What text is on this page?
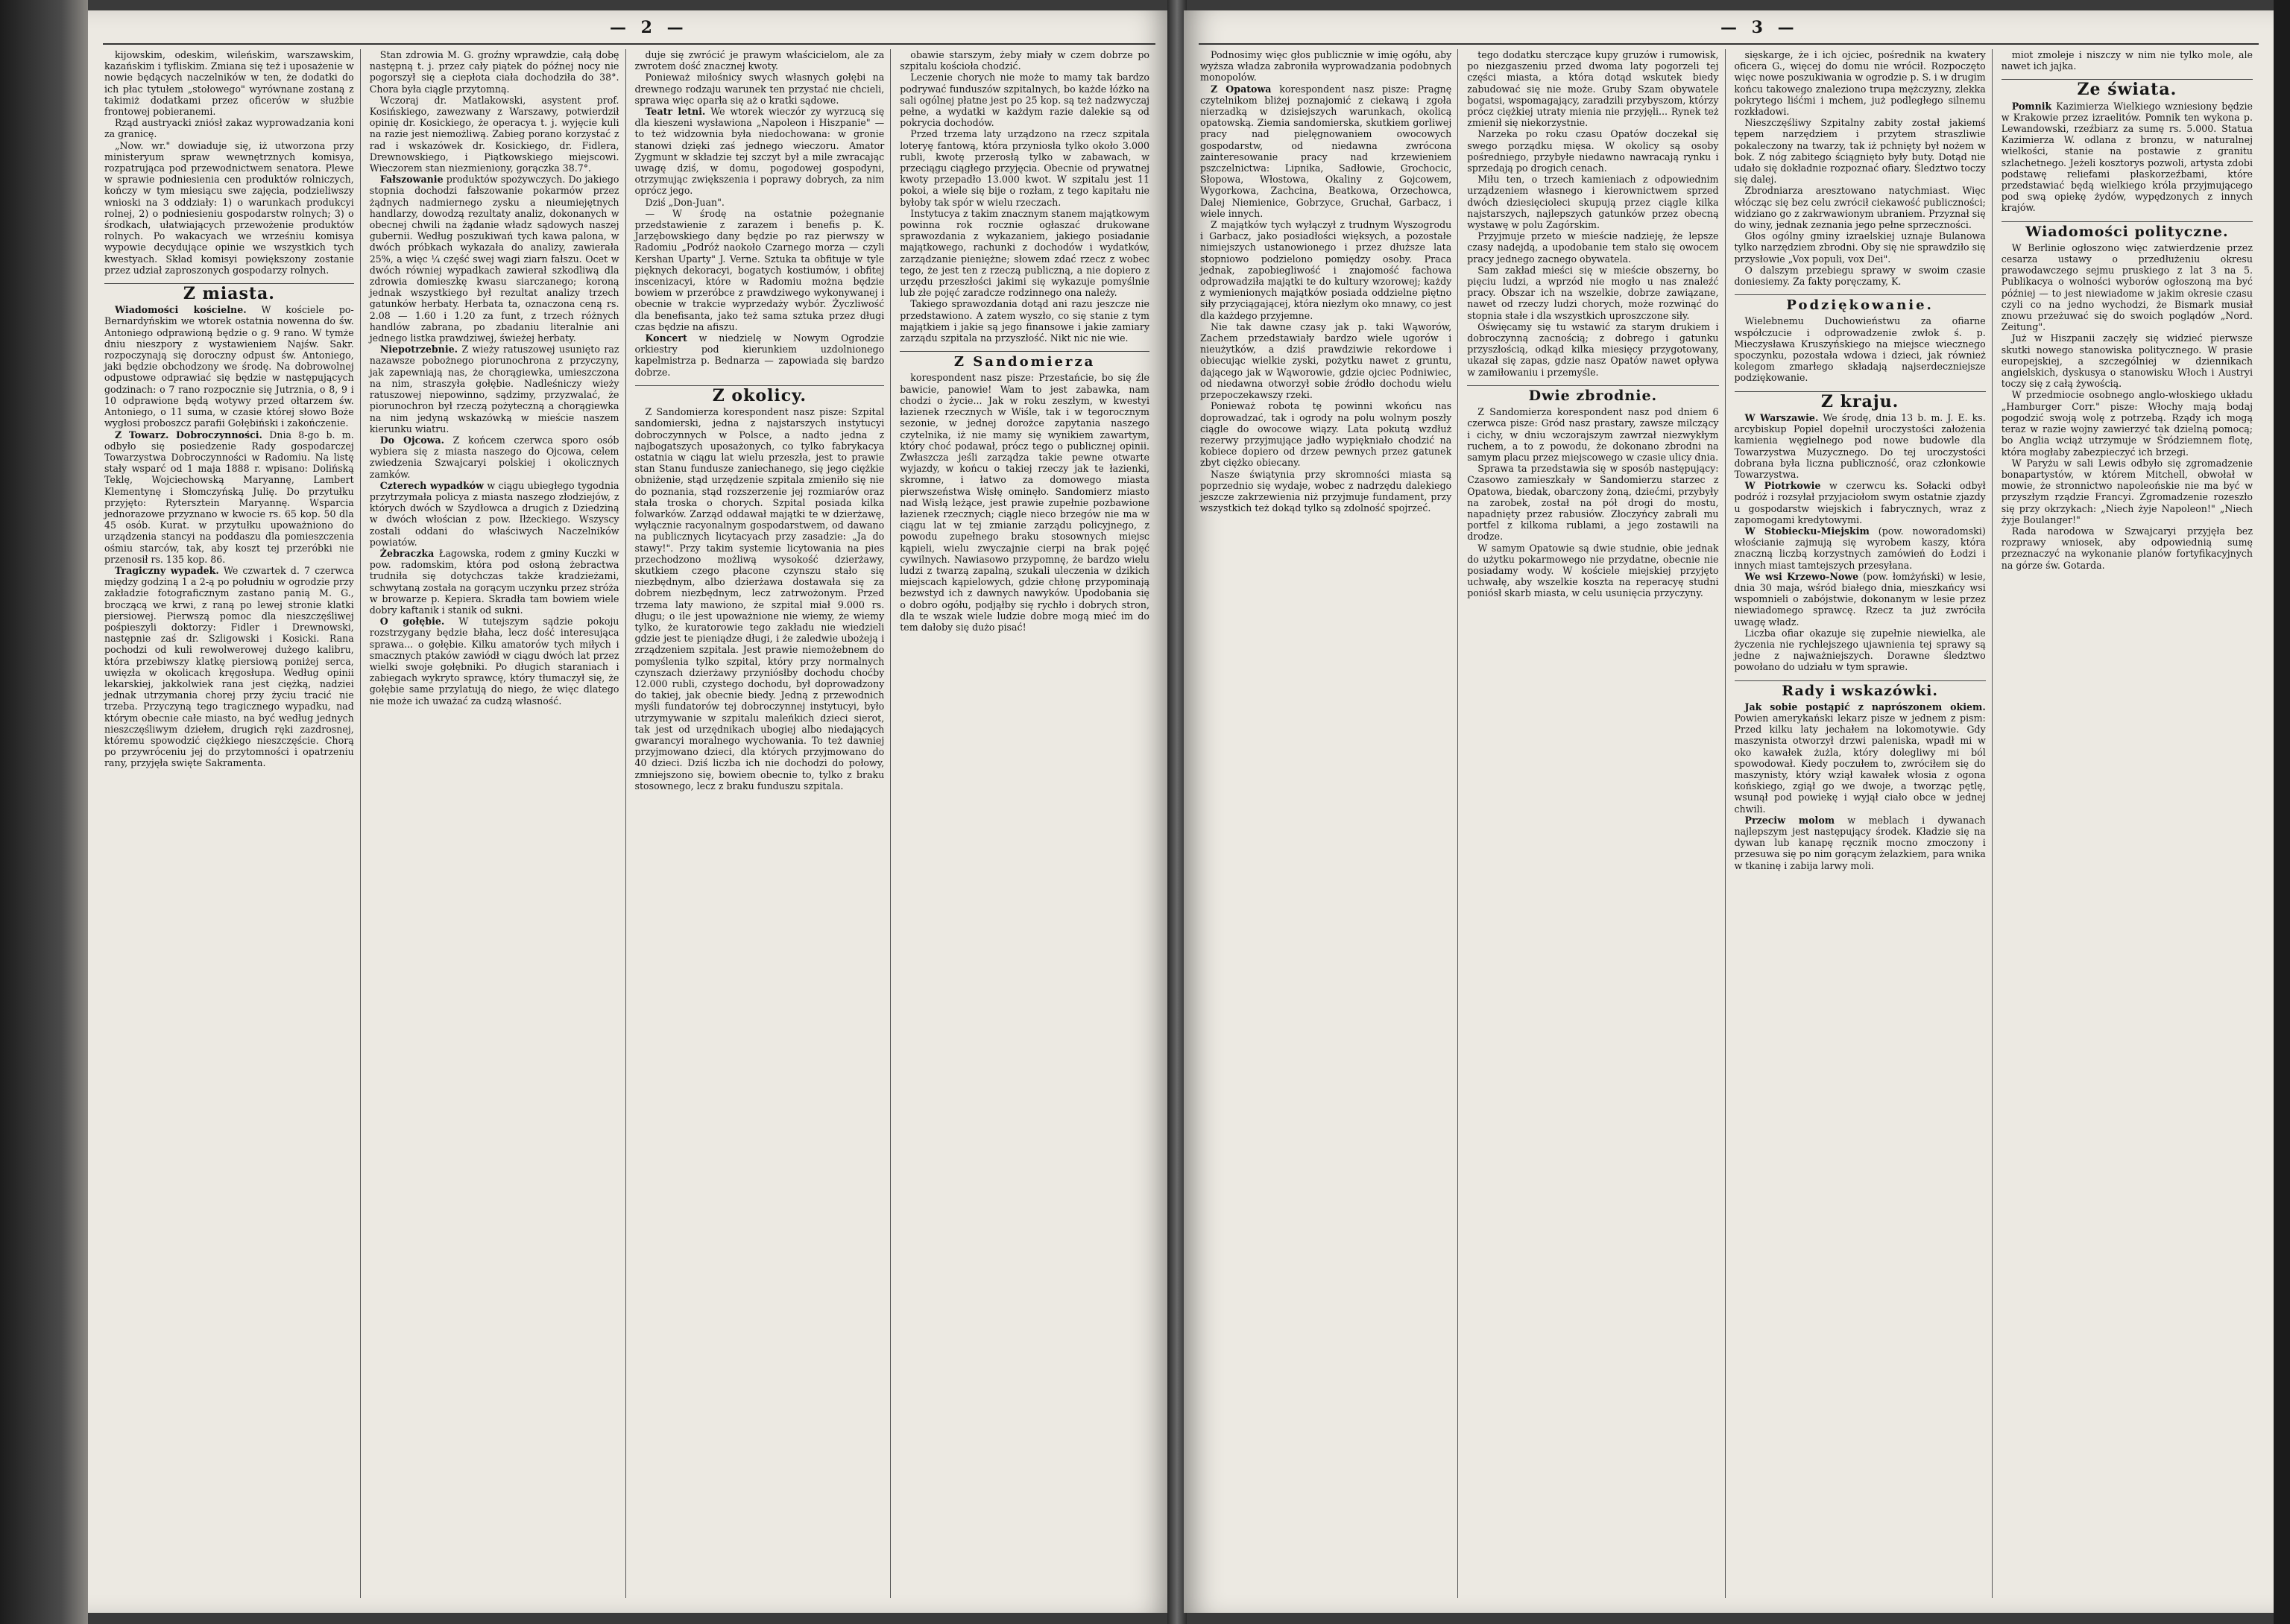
— 2 —

kijowskim, odeskim, wileńskim, warszawskim, kazańskim i tyfliskim. Zmiana się też i uposażenie w nowie będących naczelników w ten, że dodatki do ich płac tytułem „stołowego" wyrównane zostaną z takimiż dodatkami przez oficerów w służbie frontowej pobieranemi.

Rząd austryacki zniósł zakaz wyprowadzania koni za granicę.

„Now. wr." dowiaduje się, iż utworzona przy ministeryum spraw wewnętrznych komisya, rozpatrująca pod przewodnictwem senatora. Plewe w sprawie podniesienia cen produktów rolniczych, kończy w tym miesiącu swe zajęcia, podzieliwszy wnioski na 3 oddziały: 1) o warunkach produkcyi rolnej, 2) o podniesieniu gospodarstw rolnych; 3) o środkach, ułatwiających przewożenie produktów rolnych. Po wakacyach we wrześniu komisya wypowie decydujące opinie we wszystkich tych kwestyach. Skład komisyi powiększony zostanie przez udział zaproszonych gospodarzy rolnych.

Z miasta.

Wiadomości kościelne. W kościele po-Bernardyńskim we wtorek ostatnia nowenna do św. Antoniego odprawioną będzie o g. 9 rano. W tymże dniu nieszpory z wystawieniem Najśw. Sakr. rozpoczynają się doroczny odpust św. Antoniego, jaki będzie obchodzony we środę. Na dobrowolnej odpustowe odprawiać się będzie w następujących godzinach: o 7 rano rozpocznie się Jutrznia, o 8, 9 i 10 odprawione będą wotywy przed ołtarzem św. Antoniego, o 11 suma, w czasie której słowo Boże wygłosi proboszcz parafii Gołębiński i zakończenie.

Z Towarz. Dobroczynności. Dnia 8-go b. m. odbyło się posiedzenie Rady gospodarczej Towarzystwa Dobroczynności w Radomiu. Na listę stały wsparć od 1 maja 1888 r. wpisano: Dolińską Teklę, Wojciechowską Maryannę, Lambert Klementynę i Słomczyńską Julię. Do przytułku przyjęto: Rytersztein Maryannę. Wsparcia jednorazowe przyznano w kwocie rs. 65 kop. 50 dla 45 osób. Kurat. w przytułku upoważniono do urządzenia stancyi na poddaszu dla pomieszczenia ośmiu starców, tak, aby koszt tej przeróbki nie przenosił rs. 135 kop. 86.

Tragiczny wypadek. We czwartek d. 7 czerwca między godziną 1 a 2-ą po południu w ogrodzie przy zakładzie fotograficznym zastano panią M. G., broczącą we krwi, z raną po lewej stronie klatki piersiowej. Pierwszą pomoc dla nieszczęśliwej pośpieszyli doktorzy: Fidler i Drewnowski, następnie zaś dr. Szligowski i Kosicki. Rana pochodzi od kuli rewolwerowej dużego kalibru, która przebiwszy klatkę piersiową poniżej serca, uwięzła w okolicach kręgosłupa. Według opinii lekarskiej, jakkolwiek rana jest ciężką, nadziei jednak utrzymania chorej przy życiu tracić nie trzeba. Przyczyną tego tragicznego wypadku, nad którym obecnie całe miasto, na być według jednych nieszczęśliwym dziełem, drugich ręki zazdrosnej, któremu spowodzić ciężkiego nieszczęście. Chorą po przywróceniu jej do przytomności i opatrzeniu rany, przyjęła swięte Sakramenta.

Stan zdrowia M. G. groźny wprawdzie, całą dobę następną t. j. przez cały piątek do późnej nocy nie pogorszył się a ciepłota ciała dochodziła do 38°. Chora była ciągle przytomną.

Wczoraj dr. Matlakowski, asystent prof. Kosińskiego, zawezwany z Warszawy, potwierdził opinię dr. Kosickiego, że operacya t. j. wyjęcie kuli na razie jest niemożliwą. Zabieg porano korzystać z rad i wskazówek dr. Kosickiego, dr. Fidlera, Drewnowskiego, i Piątkowskiego miejscowi. Wieczorem stan niezmieniony, gorączka 38.7°.

Fałszowanie produktów spożywczych. Do jakiego stopnia dochodzi fałszowanie pokarmów przez żądnych nadmiernego zysku a nieumiejętnych handlarzy, dowodzą rezultaty analiz, dokonanych w obecnej chwili na żądanie władz sądowych naszej gubernii. Według poszukiwań tych kawa palona, w dwóch próbkach wykazała do analizy, zawierała 25%, a więc ¼ część swej wagi ziarn fałszu. Ocet w dwóch równiej wypadkach zawierał szkodliwą dla zdrowia domieszkę kwasu siarczanego; koroną jednak wszystkiego był rezultat analizy trzech gatunków herbaty. Herbata ta, oznaczona ceną rs. 2.08 — 1.60 i 1.20 za funt, z trzech różnych handlów zabrana, po zbadaniu literalnie ani jednego listka prawdziwej, świeżej herbaty.

Niepotrzebnie. Z wieży ratuszowej usunięto raz nazawsze pobożnego piorunochrona z przyczyny, jak zapewniają nas, że chorągiewka, umieszczona na nim, straszyła gołębie. Nadleśniczy wieży ratuszowej niepowinno, sądzimy, przyzwalać, że piorunochron był rzeczą pożyteczną a chorągiewka na nim jedyną wskazówką w mieście naszem kierunku wiatru.

Do Ojcowa. Z końcem czerwca sporo osób wybiera się z miasta naszego do Ojcowa, celem zwiedzenia Szwajcaryi polskiej i okolicznych zamków.

Czterech wypadków w ciągu ubiegłego tygodnia przytrzymała policya z miasta naszego złodziejów, z których dwóch w Szydłowca a drugich z Dziedziną w dwóch włościan z pow. Iłżeckiego. Wszyscy zostali oddani do właściwych Naczelników powiatów.

Żebraczka Łagowska, rodem z gminy Kuczki w pow. radomskim, która pod osłoną żebractwa trudniła się dotychczas także kradzieżami, schwytaną została na gorącym uczynku przez stróża w browarze p. Kepiera. Skradła tam bowiem wiele dobry kaftanik i stanik od sukni.

O gołębie. W tutejszym sądzie pokoju rozstrzygany będzie błaha, lecz dość interesująca sprawa... o gołębie. Kilku amatorów tych miłych i smacznych ptaków zawiódł w ciągu dwóch lat przez wielki swoje gołębniki. Po długich staraniach i zabiegach wykryto sprawcę, który tłumaczył się, że gołębie same przylatują do niego, że więc dlatego nie może ich uważać za cudzą własność.

duje się zwrócić je prawym właścicielom, ale za zwrotem dość znacznej kwoty.

Ponieważ miłośnicy swych własnych gołębi na drewnego rodzaju warunek ten przystać nie chcieli, sprawa więc oparła się aż o kratki sądowe.

Teatr letni. We wtorek wieczór zy wyrzucą się dla kieszeni wysławiona „Napoleon i Hiszpanie" — to też widzownia była niedochowana: w gronie stanowi dzięki zaś jednego wieczoru. Amator Zygmunt w składzie tej szczyt był a mile zwracając uwagę dziś, w domu, pogodowej gospodyni, otrzymując zwiększenia i poprawy dobrych, za nim oprócz jego.

Dziś „Don-Juan".

— W środę na ostatnie pożegnanie przedstawienie z zarazem i benefis p. K. Jarzębowskiego dany będzie po raz pierwszy w Radomiu „Podróż naokoło Czarnego morza — czyli Kershan Uparty" J. Verne. Sztuka ta obfituje w tyle pięknych dekoracyi, bogatych kostiumów, i obfitej inscenizacyi, które w Radomiu można będzie bowiem w przeróbce z prawdziwego wykonywanej i obecnie w trakcie wyprzedaży wybór. Życzliwość dla benefisanta, jako też sama sztuka przez długi czas będzie na afiszu.

Koncert w niedzielę w Nowym Ogrodzie orkiestry pod kierunkiem uzdolnionego kapelmistrza p. Bednarza — zapowiada się bardzo dobrze.

Z okolicy.

Z Sandomierza korespondent nasz pisze: Szpital sandomierski, jedna z najstarszych instytucyi dobroczynnych w Polsce, a nadto jedna z najbogatszych uposażonych, co tylko fabrykacya ostatnia w ciągu lat wielu przeszła, jest to prawie stan Stanu fundusze zaniechanego, się jego ciężkie obniżenie, stąd urzędzenie szpitala zmieniło się nie do poznania, stąd rozszerzenie jej rozmiarów oraz stała troska o chorych. Szpital posiada kilka folwarków. Zarząd oddawał majątki te w dzierżawę, wyłącznie racyonalnym gospodarstwem, od dawano na publicznych licytacyach przy zasadzie: „Ja do stawy!". Przy takim systemie licytowania na pies przechodzono możliwą wysokość dzierżawy, skutkiem czego płacone czynszu stało się niezbędnym, albo dzierżawa dostawała się za dobrem niezbędnym, lecz zatrwożonym. Przed trzema laty mawiono, że szpital miał 9.000 rs. długu; o ile jest upoważnione nie wiemy, że wiemy tylko, że kuratorowie tego zakładu nie wiedzieli gdzie jest te pieniądze długi, i że zaledwie ubożeją i zrządzeniem szpitala. Jest prawie niemożebnem do pomyślenia tylko szpital, który przy normalnych czynszach dzierżawy przyniósłby dochodu choćby 12.000 rubli, czystego dochodu, był doprowadzony do takiej, jak obecnie biedy. Jedną z przewodnich myśli fundatorów tej dobroczynnej instytucyi, było utrzymywanie w szpitalu maleńkich dzieci sierot, tak jest od urzędnikach ubogiej albo niedających gwarancyi moralnego wychowania. To też dawniej przyjmowano dzieci, dla których przyjmowano do 40 dzieci. Dziś liczba ich nie dochodzi do połowy, zmniejszono się, bowiem obecnie to, tylko z braku stosownego, lecz z braku funduszu szpitala.

obawie starszym, żeby miały w czem dobrze po szpitalu kościoła chodzić.

Leczenie chorych nie może to mamy tak bardzo podrywać funduszów szpitalnych, bo każde łóżko na sali ogólnej płatne jest po 25 kop. są też nadzwyczaj pełne, a wydatki w każdym razie dalekie są od pokrycia dochodów.

Przed trzema laty urządzono na rzecz szpitala loteryę fantową, która przyniosła tylko około 3.000 rubli, kwotę przerosłą tylko w zabawach, w przeciągu ciągłego przyjęcia. Obecnie od prywatnej kwoty przepadło 13.000 kwot. W szpitalu jest 11 pokoi, a wiele się bije o rozłam, z tego kapitału nie byłoby tak spór w wielu rzeczach.

Instytucya z takim znacznym stanem majątkowym powinna rok rocznie ogłaszać drukowane sprawozdania z wykazaniem, jakiego posiadanie majątkowego, rachunki z dochodów i wydatków, zarządzanie pieniężne; słowem zdać rzecz z wobec tego, że jest ten z rzeczą publiczną, a nie dopiero z urzędu przeszłości jakimi się wykazuje pomyślnie lub złe pojęć zaradcze rodzinnego ona należy.

Takiego sprawozdania dotąd ani razu jeszcze nie przedstawiono. A zatem wyszło, co się stanie z tym majątkiem i jakie są jego finansowe i jakie zamiary zarządu szpitala na przyszłość. Nikt nic nie wie.

Z Sandomierza

korespondent nasz pisze: Przestańcie, bo się źle bawicie, panowie! Wam to jest zabawka, nam chodzi o życie... Jak w roku zeszłym, w kwestyi łazienek rzecznych w Wiśle, tak i w tegorocznym sezonie, w jednej dorożce zapytania naszego czytelnika, iż nie mamy się wynikiem zawartym, który choć podawał, prócz tego o publicznej opinii. Zwłaszcza jeśli zarządza takie pewne otwarte wyjazdy, w końcu o takiej rzeczy jak te łazienki, skromne, i łatwo za domowego miasta pierwszeństwa Wisłę ominęło. Sandomierz miasto nad Wisłą leżące, jest prawie zupełnie pozbawione łazienek rzecznych; ciągle nieco brzegów nie ma w ciągu lat w tej zmianie zarządu policyjnego, z powodu zupełnego braku stosownych miejsc kąpieli, wielu zwyczajnie cierpi na brak pojęć cywilnych. Nawiasowo przypomnę, że bardzo wielu ludzi z twarzą zapalną, szukali uleczenia w dzikich miejscach kąpielowych, gdzie chłonę przypominają bezwstyd ich z dawnych nawyków. Upodobania się o dobro ogółu, podjąłby się rychło i dobrych stron, dla te wszak wiele ludzie dobre mogą mieć im do tem dałoby się dużo pisać!

— 3 —

Podnosimy więc głos publicznie w imię ogółu, aby wyższa władza zabroniła wyprowadzania podobnych monopolów.

Z Opatowa korespondent nasz pisze: Pragnę czytelnikom bliżej poznajomić z ciekawą i zgoła nierzadką w dzisiejszych warunkach, okolicą opatowską. Ziemia sandomierska, skutkiem gorliwej pracy nad pielęgnowaniem owocowych gospodarstw, od niedawna zwrócona zainteresowanie pracy nad krzewieniem pszczelnictwa: Lipnika, Sadłowie, Grochocic, Słopowa, Włostowa, Okaliny z Gojcowem, Wygorkowa, Zachcina, Beatkowa, Orzechowca, Dalej Niemienice, Gobrzyce, Gruchał, Garbacz, i wiele innych.

Z majątków tych wyłączył z trudnym Wyszogrodu i Garbacz, jako posiadłości więksych, a pozostałe nimiejszych ustanowionego i przez dłuższe lata stopniowo podzielono pomiędzy osoby. Praca jednak, zapobiegliwość i znajomość fachowa odprowadziła majątki te do kultury wzorowej; każdy z wymienionych majątków posiada oddzielne piętno siły przyciągającej, która niezłym oko mnawy, co jest dla każdego przyjemne.

Nie tak dawne czasy jak p. taki Wąworów, Zachem przedstawiały bardzo wiele ugorów i nieużytków, a dziś prawdziwie rekordowe i obiecując wielkie zyski, pożytku nawet z gruntu, dającego jak w Wąworowie, gdzie ojciec Podniwiec, od niedawna otworzył sobie źródło dochodu wielu przepoczekawszy rzeki.

Ponieważ robota tę powinni wkońcu nas doprowadzać, tak i ogrody na polu wolnym poszły ciągle do owocowe wiązy. Lata pokutą wzdłuż rezerwy przyjmujące jadło wypiękniało chodzić na kobiece dopiero od drzew pewnych przez gatunek zbyt ciężko obiecany.

Nasze świątynia przy skromności miasta są poprzednio się wydaje, wobec z nadrzędu dalekiego jeszcze zakrzewienia niż przyjmuje fundament, przy wszystkich też dokąd tylko są zdolność spojrzeć.

tego dodatku sterczące kupy gruzów i rumowisk, po niezgaszeniu przed dwoma laty pogorzeli tej części miasta, a która dotąd wskutek biedy zabudować się nie może. Gruby Szam obywatele bogatsi, wspomagający, zaradzili przybyszom, którzy prócz ciężkiej utraty mienia nie przyjęli... Rynek też zmienił się niekorzystnie.

Narzeka po roku czasu Opatów doczekał się swego porządku mięsa. W okolicy są osoby pośredniego, przybyłe niedawno nawracają rynku i sprzedają po drogich cenach.

Miłu ten, o trzech kamieniach z odpowiednim urządzeniem własnego i kierownictwem sprzed dwóch dziesięcioleci skupują przez ciągle kilka najstarszych, najlepszych gatunków przez obecną wystawę w polu Zagórskim.

Przyjmuje przeto w mieście nadzieję, że lepsze czasy nadejdą, a upodobanie tem stało się owocem pracy jednego zacnego obywatela.

Sam zakład mieści się w mieście obszerny, bo pięciu ludzi, a wprzód nie mogło u nas znaleźć pracy. Obszar ich na wszelkie, dobrze zawiązane, nawet od rzeczy ludzi chorych, może rozwinąć do stopnia stałe i dla wszystkich uproszczone siły.

Oświęcamy się tu wstawić za starym drukiem i dobroczynną zacnością; z dobrego i gatunku przyszłością, odkąd kilka miesięcy przygotowany, ukazał się zapas, gdzie nasz Opatów nawet opływa w zamiłowaniu i przemyśle.

Dwie zbrodnie.

Z Sandomierza korespondent nasz pod dniem 6 czerwca pisze: Gród nasz prastary, zawsze milczący i cichy, w dniu wczorajszym zawrzał niezwykłym ruchem, a to z powodu, że dokonano zbrodni na samym placu przez miejscowego w czasie ulicy dnia.

Sprawa ta przedstawia się w sposób następujący: Czasowo zamieszkały w Sandomierzu starzec z Opatowa, biedak, obarczony żoną, dziećmi, przybyły na zarobek, został na pół drogi do mostu, napadnięty przez rabusiów. Złoczyńcy zabrali mu portfel z kilkoma rublami, a jego zostawili na drodze.

W samym Opatowie są dwie studnie, obie jednak do użytku pokarmowego nie przydatne, obecnie nie posiadamy wody. W kościele miejskiej przyjęto uchwałę, aby wszelkie koszta na reperacyę studni poniósł skarb miasta, w celu usunięcia przyczyny.

sięskarge, że i ich ojciec, pośrednik na kwatery oficera G., więcej do domu nie wrócił. Rozpoczęto więc nowe poszukiwania w ogrodzie p. S. i w drugim końcu takowego znaleziono trupa mężczyzny, zlekka pokrytego liśćmi i mchem, już podległego silnemu rozkładowi.

Nieszczęśliwy Szpitalny zabity został jakiemś tępem narzędziem i przytem straszliwie pokaleczony na twarzy, tak iż pchnięty był nożem w bok. Z nóg zabitego ściągnięto były buty. Dotąd nie udało się dokładnie rozpoznać ofiary. Śledztwo toczy się dalej.

Zbrodniarza aresztowano natychmiast. Więc włócząc się bez celu zwrócił ciekawość publiczności; widziano go z zakrwawionym ubraniem. Przyznał się do winy, jednak zeznania jego pełne sprzeczności.

Głos ogólny gminy izraelskiej uznaje Bulanowa tylko narzędziem zbrodni. Oby się nie sprawdziło się przysłowie „Vox populi, vox Dei".

O dalszym przebiegu sprawy w swoim czasie doniesiemy. Za fakty poręczamy, K.

Podziękowanie.

Wielebnemu Duchowieństwu za ofiarne współczucie i odprowadzenie zwłok ś. p. Mieczysława Kruszyńskiego na miejsce wiecznego spoczynku, pozostała wdowa i dzieci, jak również kolegom zmarłego składają najserdeczniejsze podziękowanie.

Z kraju.

W Warszawie. We środę, dnia 13 b. m. J. E. ks. arcybiskup Popiel dopełnił uroczystości założenia kamienia węgielnego pod nowe budowle dla Towarzystwa Muzycznego. Do tej uroczystości dobrana była liczna publiczność, oraz członkowie Towarzystwa.

W Piotrkowie w czerwcu ks. Sołacki odbył podróż i rozsyłał przyjaciołom swym ostatnie zjazdy u gospodarstw wiejskich i fabrycznych, wraz z zapomogami kredytowymi.

W Stobiecku-Miejskim (pow. noworadomski) włościanie zajmują się wyrobem kaszy, która znaczną liczbą korzystnych zamówień do Łodzi i innych miast tamtejszych przesyłana.

We wsi Krzewo-Nowe (pow. łomżyński) w lesie, dnia 30 maja, wśród białego dnia, mieszkańcy wsi wspomnieli o zabójstwie, dokonanym w lesie przez niewiadomego sprawcę. Rzecz ta już zwróciła uwagę władz.

Liczba ofiar okazuje się zupełnie niewielka, ale życzenia nie rychlejszego ujawnienia tej sprawy są jedne z najważniejszych. Dorawne śledztwo powołano do udziału w tym sprawie.

Rady i wskazówki.

Jak sobie postąpić z naprószonem okiem. Powien amerykański lekarz pisze w jednem z pism: Przed kilku laty jechałem na lokomotywie. Gdy maszynista otworzył drzwi paleniska, wpadł mi w oko kawałek żużla, który dolegliwy mi ból spowodował. Kiedy poczułem to, zwróciłem się do maszynisty, który wziął kawałek włosia z ogona końskiego, zgiął go we dwoje, a tworząc pętlę, wsunął pod powiekę i wyjął ciało obce w jednej chwili.

Przeciw molom w meblach i dywanach najlepszym jest następujący środek. Kładzie się na dywan lub kanapę ręcznik mocno zmoczony i przesuwa się po nim gorącym żelazkiem, para wnika w tkaninę i zabija larwy moli.

miot zmoleje i niszczy w nim nie tylko mole, ale nawet ich jajka.

Ze świata.

Pomnik Kazimierza Wielkiego wzniesiony będzie w Krakowie przez izraelitów. Pomnik ten wykona p. Lewandowski, rzeźbiarz za sumę rs. 5.000. Statua Kazimierza W. odlana z bronzu, w naturalnej wielkości, stanie na postawie z granitu szlachetnego. Jeżeli kosztorys pozwoli, artysta zdobi podstawę reliefami płaskorzeźbami, które przedstawiać będą wielkiego króla przyjmującego pod swą opiekę żydów, wypędzonych z innych krajów.

Wiadomości polityczne.

W Berlinie ogłoszono więc zatwierdzenie przez cesarza ustawy o przedłużeniu okresu prawodawczego sejmu pruskiego z lat 3 na 5. Publikacya o wolności wyborów ogłoszoną ma być później — to jest niewiadome w jakim okresie czasu czyli co na jedno wychodzi, że Bismark musiał znowu przeżuwać się do swoich poglądów „Nord. Zeitung".

Już w Hiszpanii zaczęły się widzieć pierwsze skutki nowego stanowiska politycznego. W prasie europejskiej, a szczególniej w dziennikach angielskich, dyskusya o stanowisku Włoch i Austryi toczy się z całą żywością.

W przedmiocie osobnego anglo-włoskiego układu „Hamburger Corr." pisze: Włochy mają bodaj pogodzić swoją wolę z potrzebą. Rządy ich mogą teraz w razie wojny zawierzyć tak dzielną pomocą; bo Anglia wciąż utrzymuje w Śródziemnem flotę, która mogłaby zabezpieczyć ich brzegi.

W Paryżu w sali Lewis odbyło się zgromadzenie bonapartystów, w którem Mitchell, obwołał w mowie, że stronnictwo napoleońskie nie ma być w przyszłym rządzie Francyi. Zgromadzenie rozeszło się przy okrzykach: „Niech żyje Napoleon!" „Niech żyje Boulanger!"

Rada narodowa w Szwajcaryi przyjęła bez rozprawy wniosek, aby odpowiednią sumę przeznaczyć na wykonanie planów fortyfikacyjnych na górze św. Gotarda.
